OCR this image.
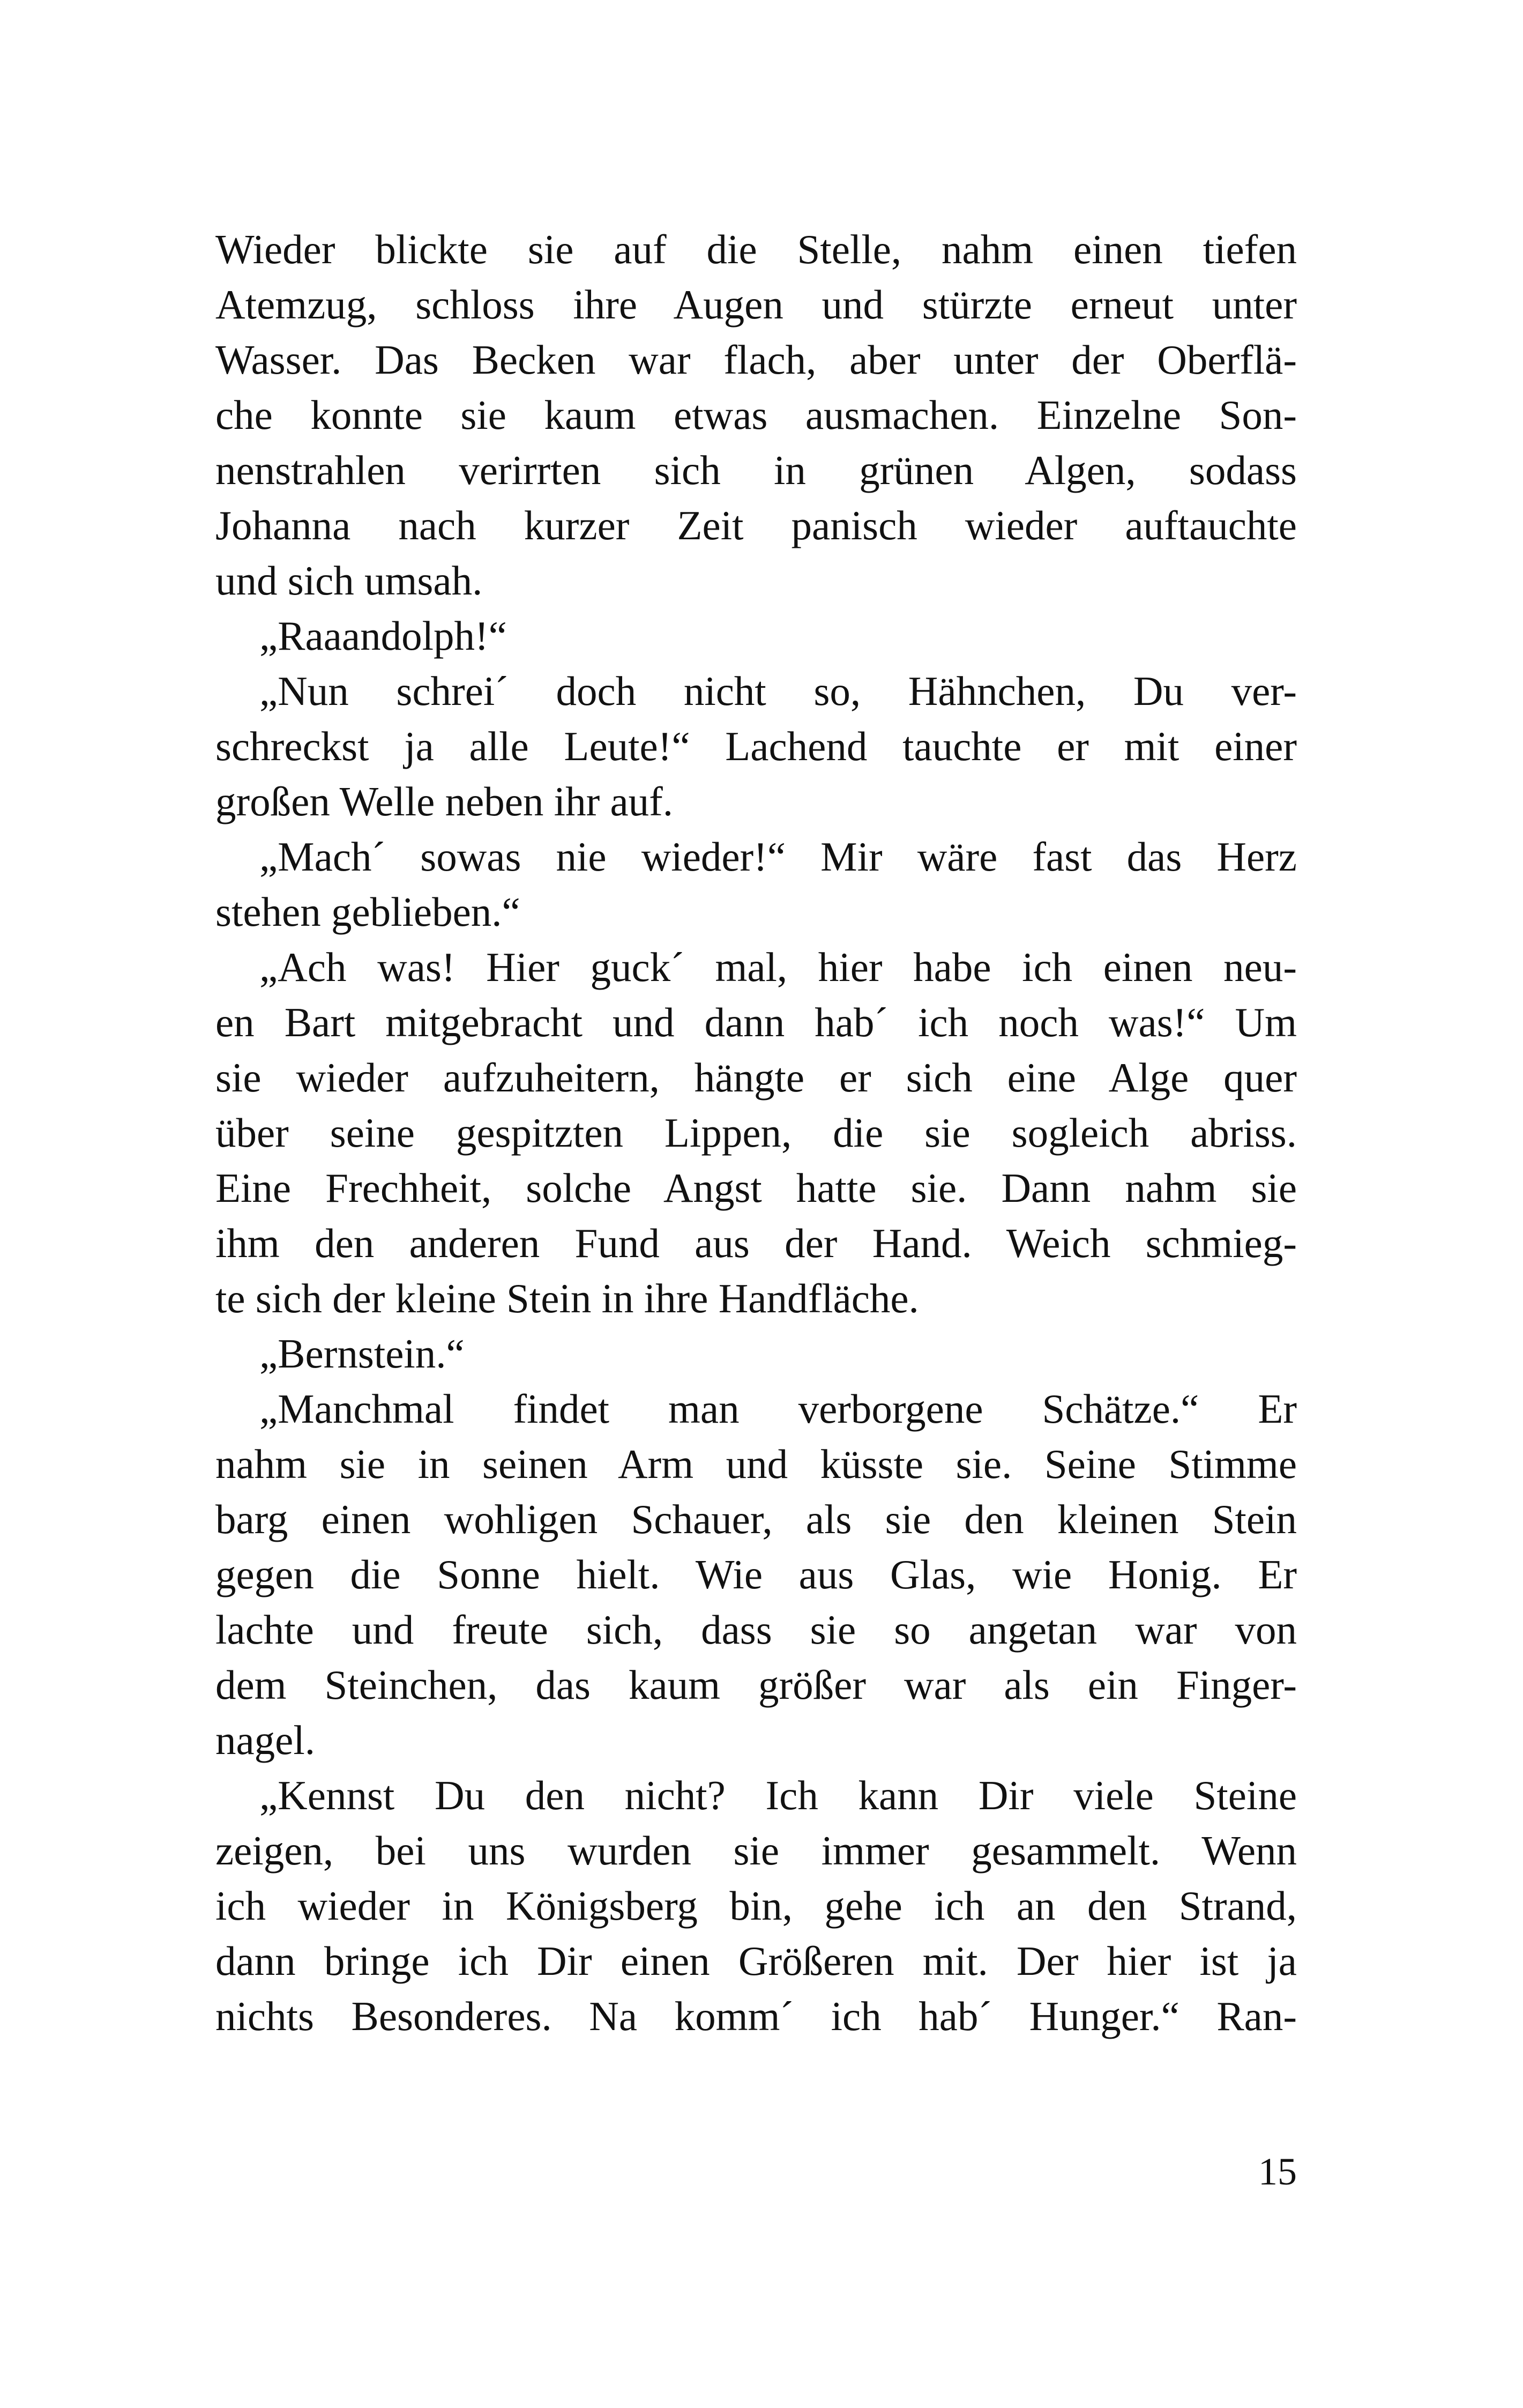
Wieder blickte sie auf die Stelle, nahm einen tiefen
Atemzug, schloss ihre Augen und stürzte erneut unter
Wasser. Das Becken war flach, aber unter der Oberflä-
che konnte sie kaum etwas ausmachen. Einzelne Son-
nenstrahlen verirrten sich in grünen Algen, sodass
Johanna nach kurzer Zeit panisch wieder auftauchte
und sich umsah.
„Raaandolph!“
„Nun schrei´ doch nicht so, Hähnchen, Du ver-
schreckst ja alle Leute!“ Lachend tauchte er mit einer
großen Welle neben ihr auf.
„Mach´ sowas nie wieder!“ Mir wäre fast das Herz
stehen geblieben.“
„Ach was! Hier guck´ mal, hier habe ich einen neu-
en Bart mitgebracht und dann hab´ ich noch was!“ Um
sie wieder aufzuheitern, hängte er sich eine Alge quer
über seine gespitzten Lippen, die sie sogleich abriss.
Eine Frechheit, solche Angst hatte sie. Dann nahm sie
ihm den anderen Fund aus der Hand. Weich schmieg-
te sich der kleine Stein in ihre Handfläche.
„Bernstein.“
„Manchmal findet man verborgene Schätze.“ Er
nahm sie in seinen Arm und küsste sie. Seine Stimme
barg einen wohligen Schauer, als sie den kleinen Stein
gegen die Sonne hielt. Wie aus Glas, wie Honig. Er
lachte und freute sich, dass sie so angetan war von
dem Steinchen, das kaum größer war als ein Finger-
nagel.
„Kennst Du den nicht? Ich kann Dir viele Steine
zeigen, bei uns wurden sie immer gesammelt. Wenn
ich wieder in Königsberg bin, gehe ich an den Strand,
dann bringe ich Dir einen Größeren mit. Der hier ist ja
nichts Besonderes. Na komm´ ich hab´ Hunger.“ Ran-
15
